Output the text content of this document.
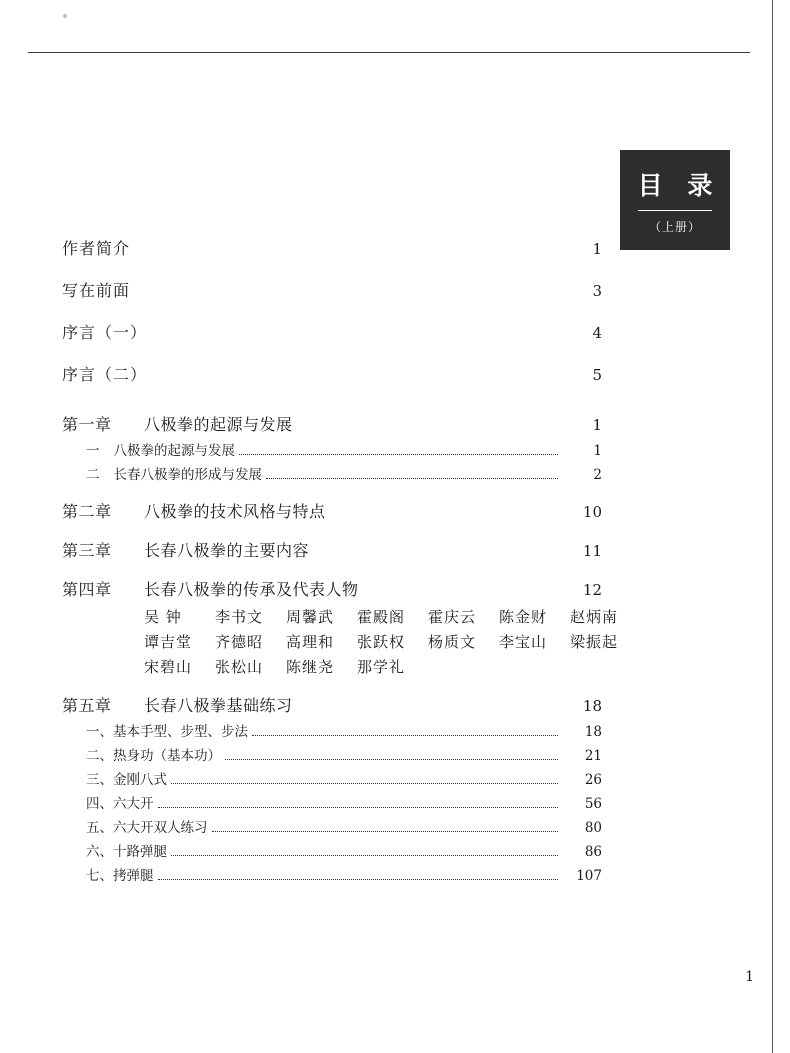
目 录
（上册）
作者简介	1
写在前面	3
序言（一）	4
序言（二）	5
第一章	八极拳的起源与发展	1
一 八极拳的起源与发展	1
二 长春八极拳的形成与发展	2
第二章	八极拳的技术风格与特点	10
第三章	长春八极拳的主要内容	11
第四章	长春八极拳的传承及代表人物	12
吴 钟	李书文	周馨武	霍殿阁	霍庆云	陈金财	赵炳南
谭吉堂	齐德昭	高理和	张跃权	杨质文	李宝山	梁振起
宋碧山	张松山	陈继尧	那学礼
第五章	长春八极拳基础练习	18
一、基本手型、步型、步法	18
二、热身功（基本功）	21
三、金刚八式	26
四、六大开	56
五、六大开双人练习	80
六、十路弹腿	86
七、拷弹腿	107
1
